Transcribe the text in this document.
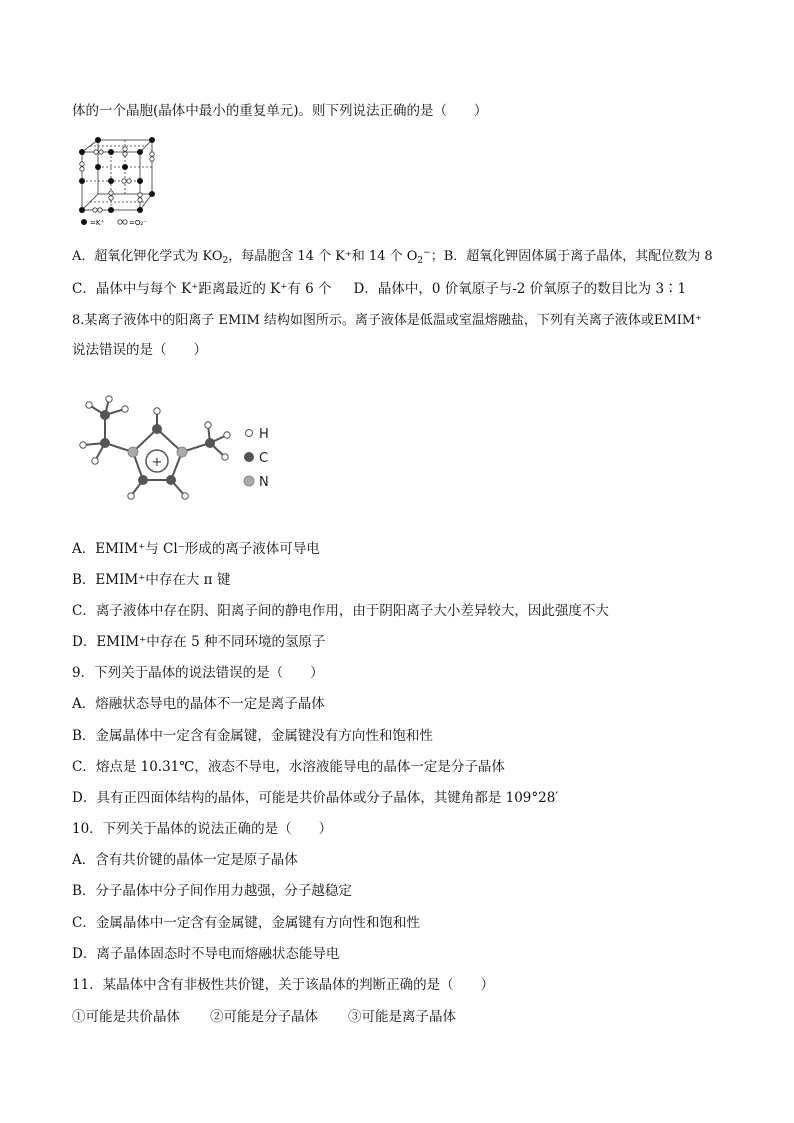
体的一个晶胞(晶体中最小的重复单元)。则下列说法正确的是（　　）
=K⁺	=O₂⁻
A．超氧化钾化学式为 $KO_2$，每晶胞含 14 个 K⁺和 14 个 $O_2^-$；B．超氧化钾固体属于离子晶体，其配位数为 8
C．晶体中与每个 K⁺距离最近的 K⁺有 6 个 D．晶体中，0 价氧原子与-2 价氧原子的数目比为 3∶1
8.某离子液体中的阳离子 EMIM 结构如图所示。离子液体是低温或室温熔融盐，下列有关离子液体或EMIM⁺
说法错误的是（　　）
+
H
C
N
A．EMIM⁺与 Cl⁻形成的离子液体可导电
B．EMIM⁺中存在大 π 键
C．离子液体中存在阴、阳离子间的静电作用，由于阴阳离子大小差异较大，因此强度不大
D．EMIM⁺中存在 5 种不同环境的氢原子
9．下列关于晶体的说法错误的是（　　）
A．熔融状态导电的晶体不一定是离子晶体
B．金属晶体中一定含有金属键，金属键没有方向性和饱和性
C．熔点是 10.31℃，液态不导电，水溶液能导电的晶体一定是分子晶体
D．具有正四面体结构的晶体，可能是共价晶体或分子晶体，其键角都是 109°28′
10．下列关于晶体的说法正确的是（　　）
A．含有共价键的晶体一定是原子晶体
B．分子晶体中分子间作用力越强，分子越稳定
C．金属晶体中一定含有金属键，金属键有方向性和饱和性
D．离子晶体固态时不导电而熔融状态能导电
11．某晶体中含有非极性共价键，关于该晶体的判断正确的是（　　）
①可能是共价晶体 ②可能是分子晶体 ③可能是离子晶体
